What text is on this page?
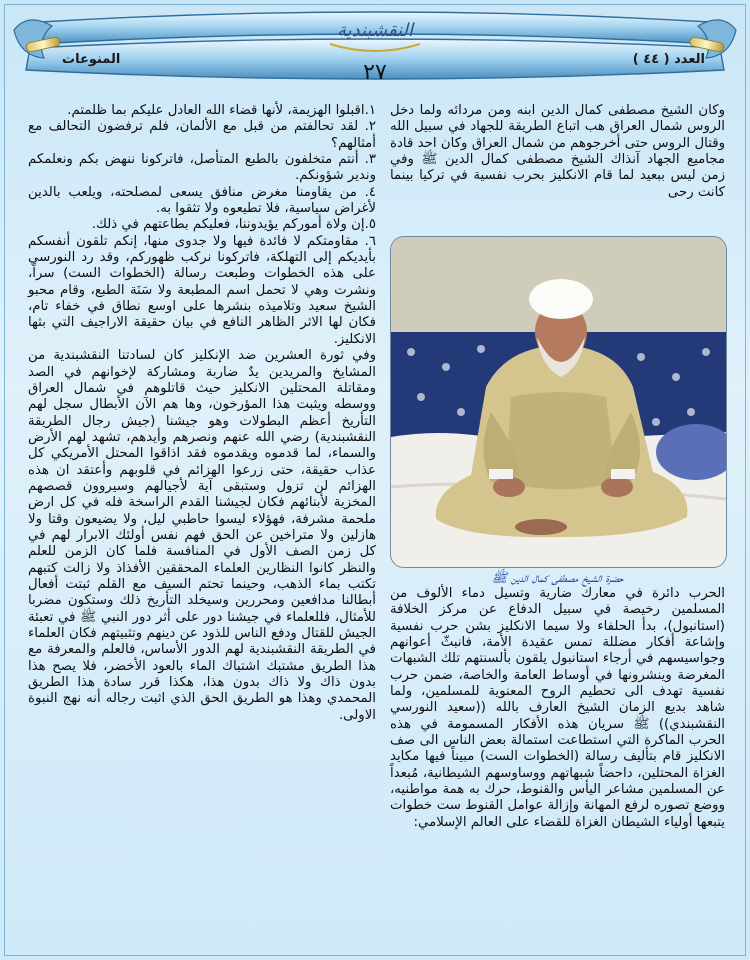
النقشبندية
العدد ( ٤٤ )
المنوعات
٢٧

وكان الشيخ مصطفى كمال الدين ابنه ومن مردائه ولما دخل الروس شمال العراق هب اتباع الطريقة للجهاد في سبيل الله وقتال الروس حتى أخرجوهم من شمال العراق وكان احد قادة مجاميع الجهاد آنذاك الشيخ مصطفى كمال الدين ﷺ وفي زمن ليس ببعيد لما قام الانكليز بحرب نفسية في تركيا بينما كانت رحى

حضرة الشيخ مصطفى كمال الدين ﷺ

الحرب دائرة في معارك ضارية وتسيل دماء الألوف من المسلمين رخيصة في سبيل الدفاع عن مركز الخلافة (استانبول)، بدأ الحلفاء ولا سيما الانكليز بشن حرب نفسية وإشاعة أفكار مضللة تمس عقيدة الأمة، فانبثّ أعوانهم وجواسيسهم في أرجاء استانبول يلقون بألسنتهم تلك الشبهات المغرضة وينشرونها في أوساط العامة والخاصة، ضمن حرب نفسية تهدف الى تحطيم الروح المعنوية للمسلمين، ولما شاهد بديع الزمان الشيخ العارف بالله ((سعيد النورسي النقشبندي)) ﷺ سريان هذه الأفكار المسمومة في هذه الحرب الماكرة التي استطاعت استمالة بعض الناس الى صف الانكليز قام بتأليف رسالة (الخطوات الست) مبيناً فيها مكايد الغزاة المحتلين، داحضاً شبهاتهم ووساوسهم الشيطانية، مُبعداً عن المسلمين مشاعر اليأس والقنوط، حرك به همة مواطنيه، ووضع تصوره لرفع المهانة وإزالة عوامل القنوط ست خطوات يتبعها أولياء الشيطان الغزاة للقضاء على العالم الإسلامي:

١.اقبلوا الهزيمة، لأنها قضاء الله العادل عليكم بما ظلمتم.

٢. لقد تحالفتم من قبل مع الألمان، فلم ترفضون التحالف مع أمثالهم؟

٣. أنتم متخلفون بالطبع المتأصل، فاتركونا ننهض بكم ونعلمكم وندير شؤونكم.

٤. من يقاومنا مغرض منافق يسعى لمصلحته، ويلعب بالدين لأغراض سياسية، فلا تطيعوه ولا تثقوا به.

٥.إن ولاة أموركم يؤيدوننا، فعليكم بطاعتهم في ذلك.

٦. مقاومتكم لا فائدة فيها ولا جدوى منها، إنكم تلقون أنفسكم بأيديكم إلى التهلكة، فاتركونا نركب ظهوركم، وقد رد النورسي على هذه الخطوات وطبعت رسالة (الخطوات الست) سراً، ونشرت وهي لا تحمل اسم المطبعة ولا سَنَة الطبع، وقام محبو الشيخ سعيد وتلاميذه بنشرها على اوسع نطاق في خفاء تام، فكان لها الاثر الظاهر النافع في بيان حقيقة الاراجيف التي بثها الانكليز.

وفي ثورة العشرين ضد الإنكليز كان لسادتنا النقشبندية من المشايخ والمريدين يدٌ ضاربة ومشاركة لإخوانهم في الصد ومقاتلة المحتلين الانكليز حيث قاتلوهم في شمال العراق ووسطه ويثبت هذا المؤرخون، وها هم الآن الأبطال سجل لهم التأريخ أعظم البطولات وهو جيشنا (جيش رجال الطريقة النقشبندية) رضي الله عنهم ونصرهم وأيدهم، تشهد لهم الأرض والسماء، لما قدموه ويقدموه فقد اذاقوا المحتل الأمريكي كل عذاب حقيقة، حتى زرعوا الهزائم في قلوبهم وأعتقد ان هذه الهزائم لن تزول وستبقى آية لأجيالهم وسيروون قصصهم المخزية لأبنائهم فكان لجيشنا القدم الراسخة فله في كل ارض ملحمة مشرفة، فهؤلاء ليسوا حاطبي ليل، ولا يضيعون وقتا ولا هازلين ولا متراخين عن الحق فهم نفس أولئك الابرار لهم في كل زمن الصف الأول في المنافسة فلما كان الزمن للعلم والنظر كانوا النظارين العلماء المحققين الأفذاذ ولا زالت كتبهم تكتب بماء الذهب، وحينما تحتم السيف مع القلم ثبتت أفعال أبطالنا مدافعين ومحررين وسيخلد التأريخ ذلك وستكون مضربا للأمثال، فللعلماء في جيشنا دور على أثر دور النبي ﷺ في تعبئة الجيش للقتال ودفع الناس للذود عن دينهم وتثبيتهم فكان العلماء في الطريقة النقشبندية لهم الدور الأساس، فالعلم والمعرفة مع هذا الطريق مشتبك اشتباك الماء بالعود الأخضر، فلا يصح هذا بدون ذاك ولا ذاك بدون هذا، هكذا قرر سادة هذا الطريق المحمدي وهذا هو الطريق الحق الذي اثبت رجاله أنه نهج النبوة الاولى.
